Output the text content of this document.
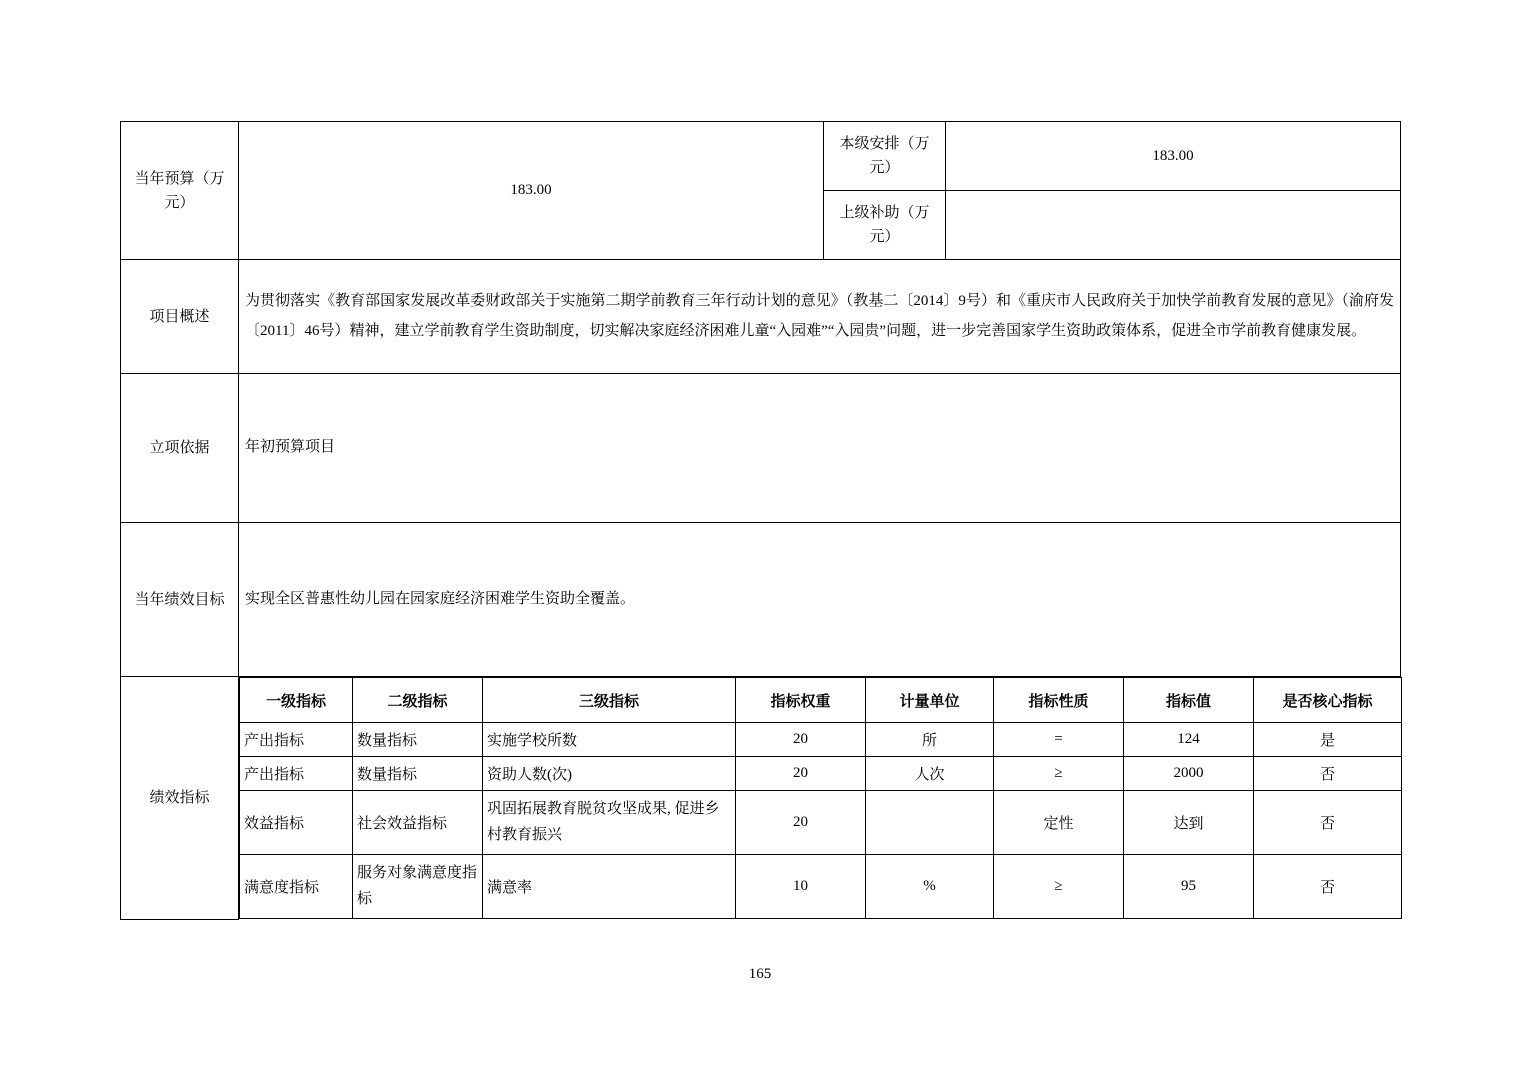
当年预算（万元）	183.00	本级安排（万元）	183.00
上级补助（万元）	
项目概述	为贯彻落实《教育部国家发展改革委财政部关于实施第二期学前教育三年行动计划的意见》（教基二〔2014〕9号）和《重庆市人民政府关于加快学前教育发展的意见》（渝府发〔2011〕46号）精神，建立学前教育学生资助制度，切实解决家庭经济困难儿童“入园难”“入园贵”问题，进一步完善国家学生资助政策体系，促进全市学前教育健康发展。
立项依据	年初预算项目
当年绩效目标	实现全区普惠性幼儿园在园家庭经济困难学生资助全覆盖。
绩效指标	
一级指标	二级指标	三级指标	指标权重	计量单位	指标性质	指标值	是否核心指标
产出指标	数量指标	实施学校所数	20	所	=	124	是
产出指标	数量指标	资助人数(次)	20	人次	≥	2000	否
效益指标	社会效益指标	巩固拓展教育脱贫攻坚成果, 促进乡村教育振兴	20		定性	达到	否
满意度指标	服务对象满意度指标	满意率	10	%	≥	95	否
165
